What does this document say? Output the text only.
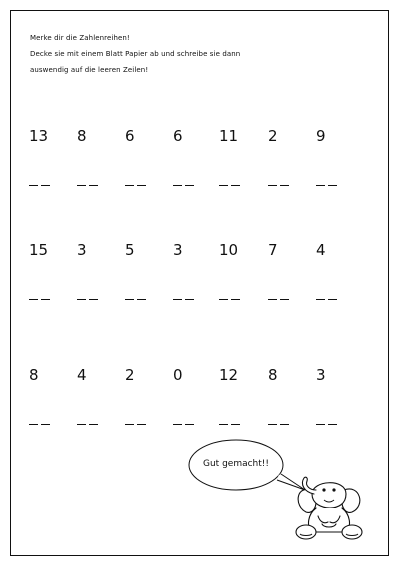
Merke dir die Zahlenreihen!
Decke sie mit einem Blatt Papier ab und schreibe sie dann
auswendig auf die leeren Zeilen!
13	8	6	6	11	2	9
15	3	5	3	10	7	4
8	4	2	0	12	8	3
Gut gemacht!!
